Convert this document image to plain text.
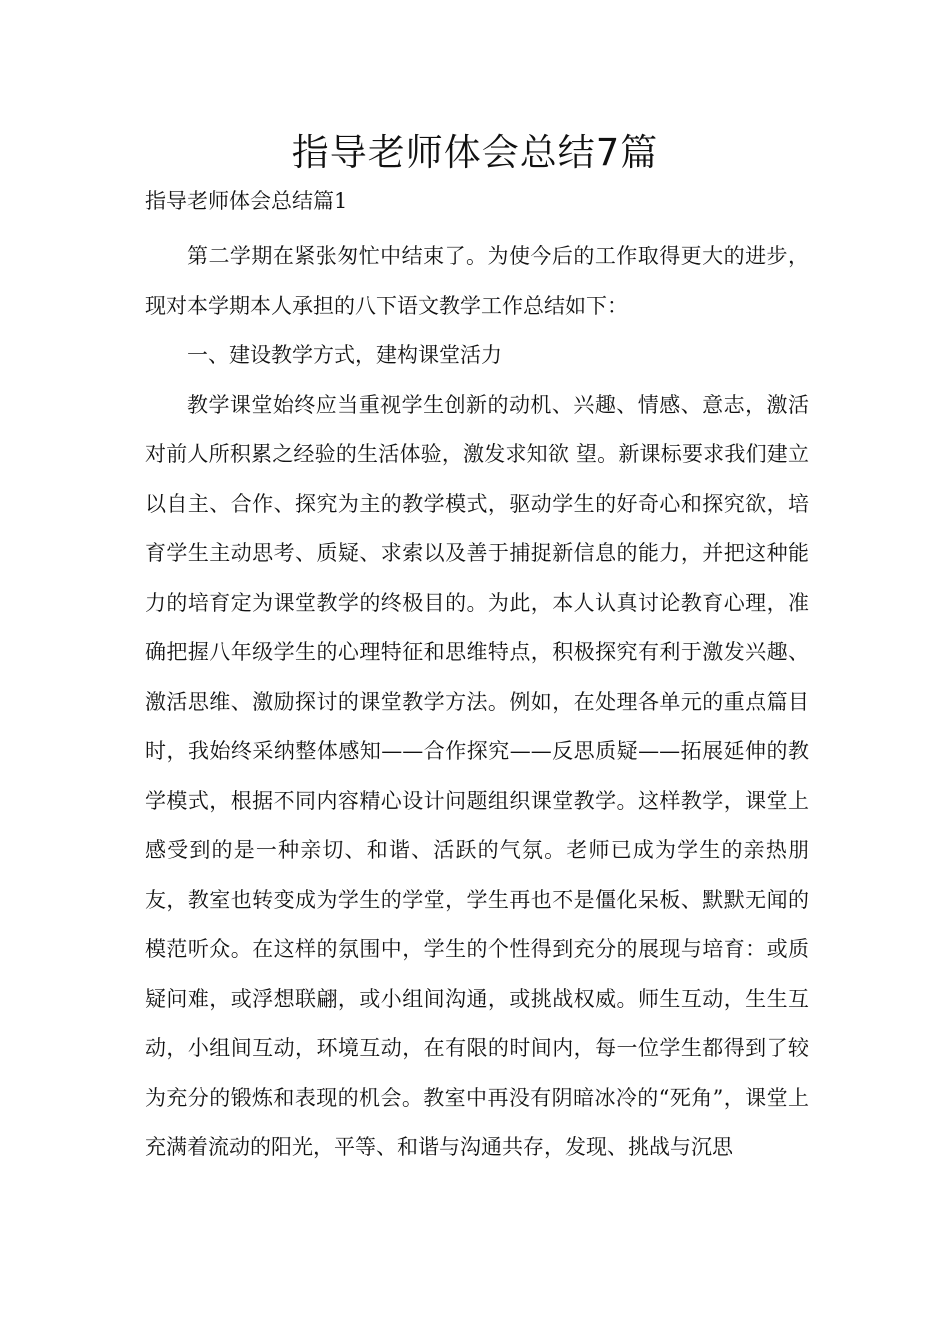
指导老师体会总结7篇
指导老师体会总结篇1

第二学期在紧张匆忙中结束了。为使今后的工作取得更大的进步，现对本学期本人承担的八下语文教学工作总结如下：

一、建设教学方式，建构课堂活力

教学课堂始终应当重视学生创新的动机、兴趣、情感、意志，激活对前人所积累之经验的生活体验，激发求知欲 望。新课标要求我们建立以自主、合作、探究为主的教学模式，驱动学生的好奇心和探究欲，培育学生主动思考、质疑、求索以及善于捕捉新信息的能力，并把这种能力的培育定为课堂教学的终极目的。为此，本人认真讨论教育心理，准确把握八年级学生的心理特征和思维特点，积极探究有利于激发兴趣、激活思维、激励探讨的课堂教学方法。例如，在处理各单元的重点篇目时，我始终采纳整体感知——合作探究——反思质疑——拓展延伸的教学模式，根据不同内容精心设计问题组织课堂教学。这样教学，课堂上感受到的是一种亲切、和谐、活跃的气氛。老师已成为学生的亲热朋友，教室也转变成为学生的学堂，学生再也不是僵化呆板、默默无闻的模范听众。在这样的氛围中，学生的个性得到充分的展现与培育：或质疑问难，或浮想联翩，或小组间沟通，或挑战权威。师生互动，生生互动，小组间互动，环境互动，在有限的时间内，每一位学生都得到了较为充分的锻炼和表现的机会。教室中再没有阴暗冰冷的“死角”，课堂上充满着流动的阳光，平等、和谐与沟通共存，发现、挑战与沉思
